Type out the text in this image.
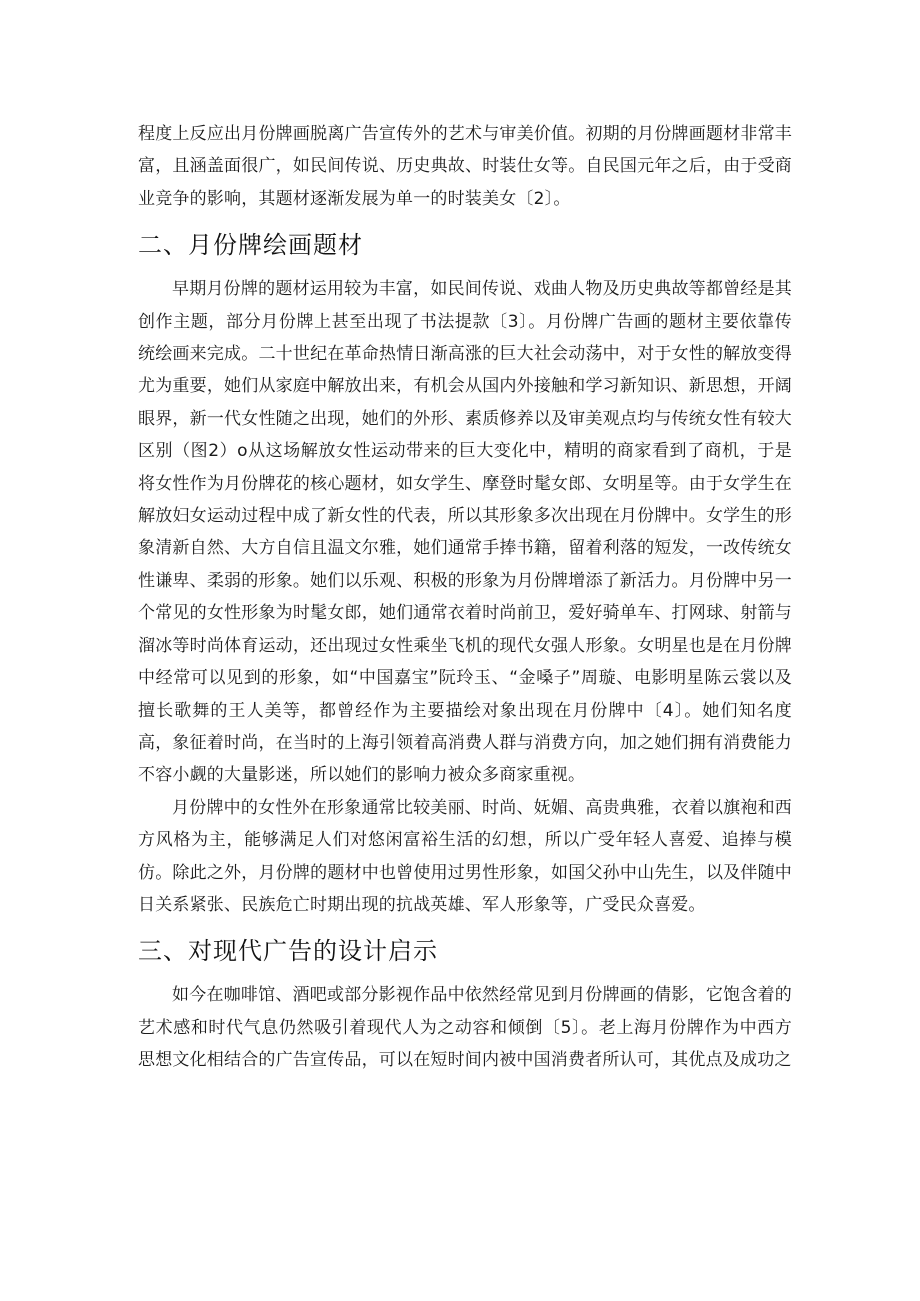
程度上反应出月份牌画脱离广告宣传外的艺术与审美价值。初期的月份牌画题材非常丰富，且涵盖面很广，如民间传说、历史典故、时装仕女等。自民国元年之后，由于受商业竞争的影响，其题材逐渐发展为单一的时装美女〔2〕。

二、月份牌绘画题材

早期月份牌的题材运用较为丰富，如民间传说、戏曲人物及历史典故等都曾经是其创作主题，部分月份牌上甚至出现了书法提款〔3〕。月份牌广告画的题材主要依靠传统绘画来完成。二十世纪在革命热情日渐高涨的巨大社会动荡中，对于女性的解放变得尤为重要，她们从家庭中解放出来，有机会从国内外接触和学习新知识、新思想，开阔眼界，新一代女性随之出现，她们的外形、素质修养以及审美观点均与传统女性有较大区别（图2）o从这场解放女性运动带来的巨大变化中，精明的商家看到了商机，于是将女性作为月份牌花的核心题材，如女学生、摩登时髦女郎、女明星等。由于女学生在解放妇女运动过程中成了新女性的代表，所以其形象多次出现在月份牌中。女学生的形象清新自然、大方自信且温文尔雅，她们通常手捧书籍，留着利落的短发，一改传统女性谦卑、柔弱的形象。她们以乐观、积极的形象为月份牌增添了新活力。月份牌中另一个常见的女性形象为时髦女郎，她们通常衣着时尚前卫，爱好骑单车、打网球、射箭与溜冰等时尚体育运动，还出现过女性乘坐飞机的现代女强人形象。女明星也是在月份牌中经常可以见到的形象，如“中国嘉宝”阮玲玉、“金嗓子”周璇、电影明星陈云裳以及擅长歌舞的王人美等，都曾经作为主要描绘对象出现在月份牌中〔4〕。她们知名度高，象征着时尚，在当时的上海引领着高消费人群与消费方向，加之她们拥有消费能力不容小觑的大量影迷，所以她们的影响力被众多商家重视。

月份牌中的女性外在形象通常比较美丽、时尚、妩媚、高贵典雅，衣着以旗袍和西方风格为主，能够满足人们对悠闲富裕生活的幻想，所以广受年轻人喜爱、追捧与模仿。除此之外，月份牌的题材中也曾使用过男性形象，如国父孙中山先生，以及伴随中日关系紧张、民族危亡时期出现的抗战英雄、军人形象等，广受民众喜爱。

三、对现代广告的设计启示

如今在咖啡馆、酒吧或部分影视作品中依然经常见到月份牌画的倩影，它饱含着的艺术感和时代气息仍然吸引着现代人为之动容和倾倒〔5〕。老上海月份牌作为中西方思想文化相结合的广告宣传品，可以在短时间内被中国消费者所认可，其优点及成功之
